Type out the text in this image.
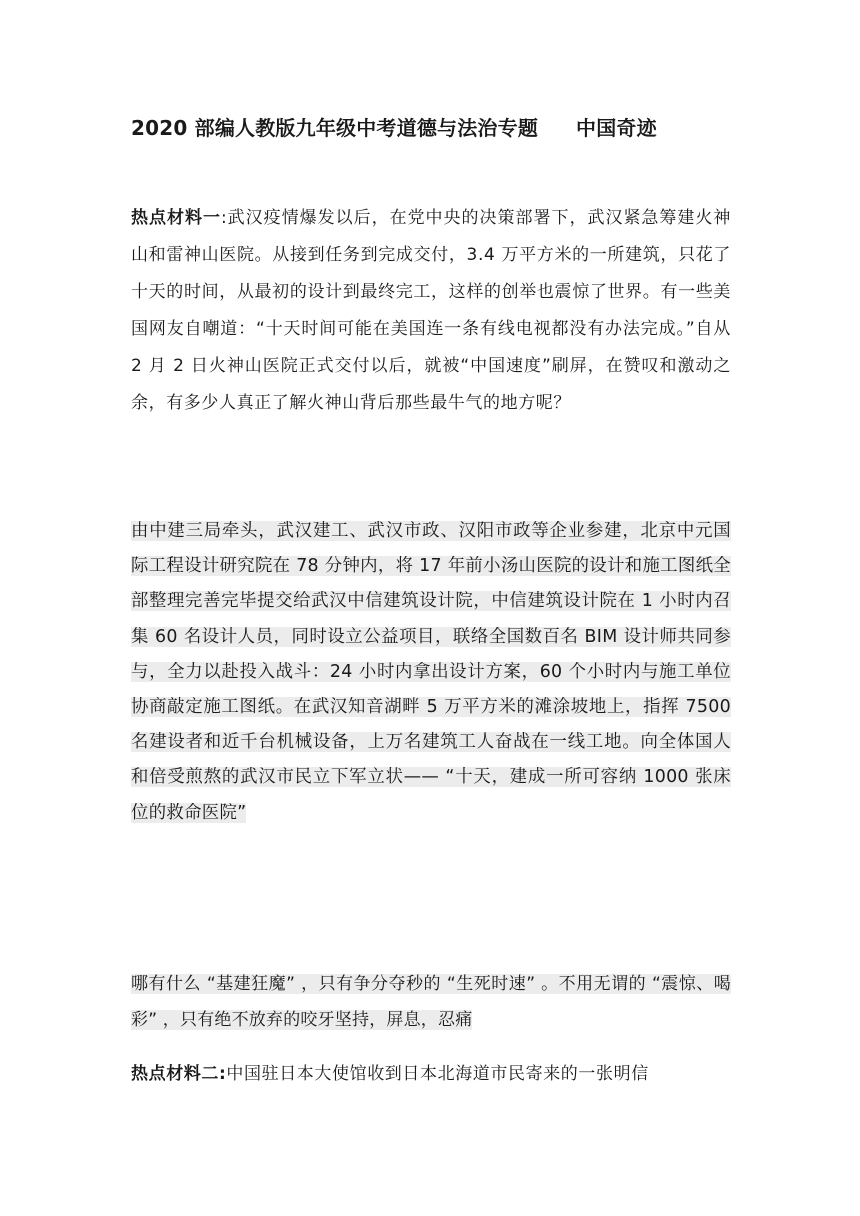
2020 部编人教版九年级中考道德与法治专题 中国奇迹
热点材料一:武汉疫情爆发以后，在党中央的决策部署下，武汉紧急筹建火神山和雷神山医院。从接到任务到完成交付，3.4 万平方米的一所建筑，只花了十天的时间，从最初的设计到最终完工，这样的创举也震惊了世界。有一些美国网友自嘲道：“十天时间可能在美国连一条有线电视都没有办法完成。”自从 2 月 2 日火神山医院正式交付以后，就被“中国速度”刷屏，在赞叹和激动之余，有多少人真正了解火神山背后那些最牛气的地方呢？
由中建三局牵头，武汉建工、武汉市政、汉阳市政等企业参建，北京中元国际工程设计研究院在 78 分钟内，将 17 年前小汤山医院的设计和施工图纸全部整理完善完毕提交给武汉中信建筑设计院，中信建筑设计院在 1 小时内召集 60 名设计人员，同时设立公益项目，联络全国数百名 BIM 设计师共同参与，全力以赴投入战斗：24 小时内拿出设计方案，60 个小时内与施工单位协商敲定施工图纸。在武汉知音湖畔 5 万平方米的滩涂坡地上，指挥 7500 名建设者和近千台机械设备，上万名建筑工人奋战在一线工地。向全体国人和倍受煎熬的武汉市民立下军立状—— “十天，建成一所可容纳 1000 张床位的救命医院”
哪有什么 “基建狂魔” ，只有争分夺秒的 “生死时速” 。不用无谓的 “震惊、喝彩” ，只有绝不放弃的咬牙坚持，屏息，忍痛
热点材料二:中国驻日本大使馆收到日本北海道市民寄来的一张明信
